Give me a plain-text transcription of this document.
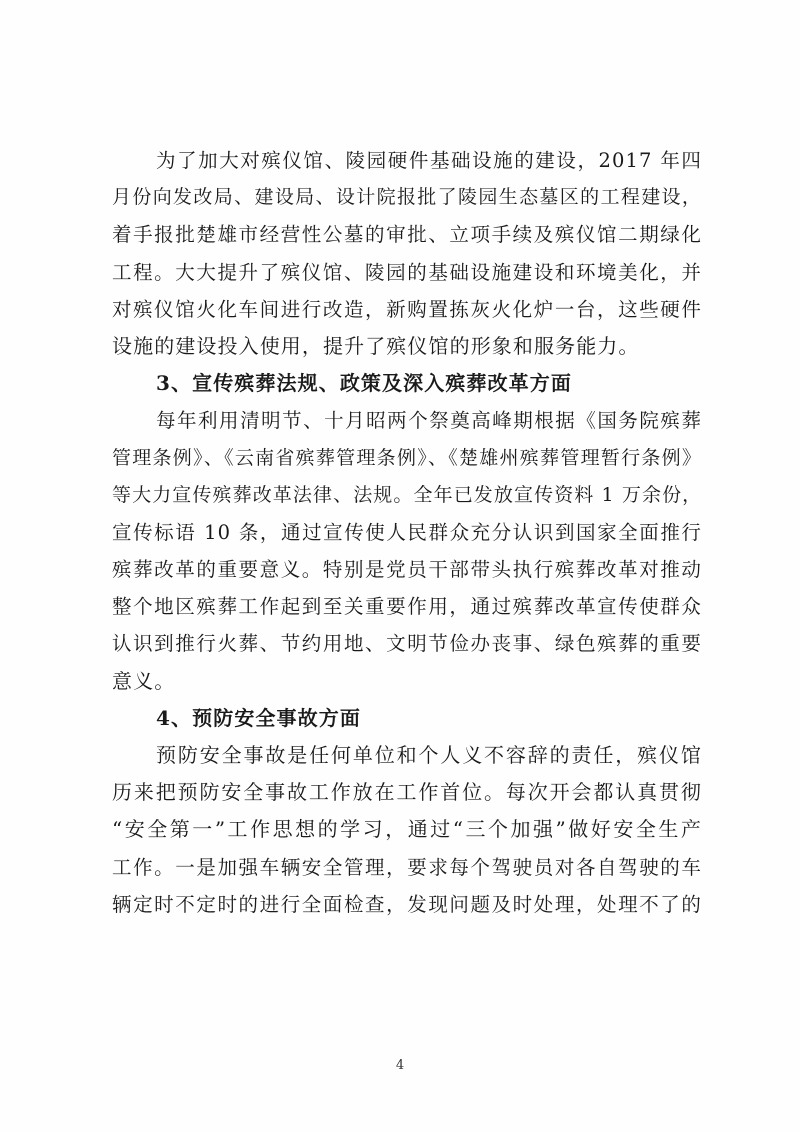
为了加大对殡仪馆、陵园硬件基础设施的建设，2017 年四
月份向发改局、建设局、设计院报批了陵园生态墓区的工程建设，
着手报批楚雄市经营性公墓的审批、立项手续及殡仪馆二期绿化
工程。大大提升了殡仪馆、陵园的基础设施建设和环境美化，并
对殡仪馆火化车间进行改造，新购置拣灰火化炉一台，这些硬件
设施的建设投入使用，提升了殡仪馆的形象和服务能力。
3、宣传殡葬法规、政策及深入殡葬改革方面
每年利用清明节、十月昭两个祭奠高峰期根据《国务院殡葬
管理条例》、《云南省殡葬管理条例》、《楚雄州殡葬管理暂行条例》
等大力宣传殡葬改革法律、法规。全年已发放宣传资料 1 万余份，
宣传标语 10 条，通过宣传使人民群众充分认识到国家全面推行
殡葬改革的重要意义。特别是党员干部带头执行殡葬改革对推动
整个地区殡葬工作起到至关重要作用，通过殡葬改革宣传使群众
认识到推行火葬、节约用地、文明节俭办丧事、绿色殡葬的重要
意义。
4、预防安全事故方面
预防安全事故是任何单位和个人义不容辞的责任，殡仪馆
历来把预防安全事故工作放在工作首位。每次开会都认真贯彻
“安全第一”工作思想的学习，通过“三个加强”做好安全生产
工作。一是加强车辆安全管理，要求每个驾驶员对各自驾驶的车
辆定时不定时的进行全面检查，发现问题及时处理，处理不了的
4
